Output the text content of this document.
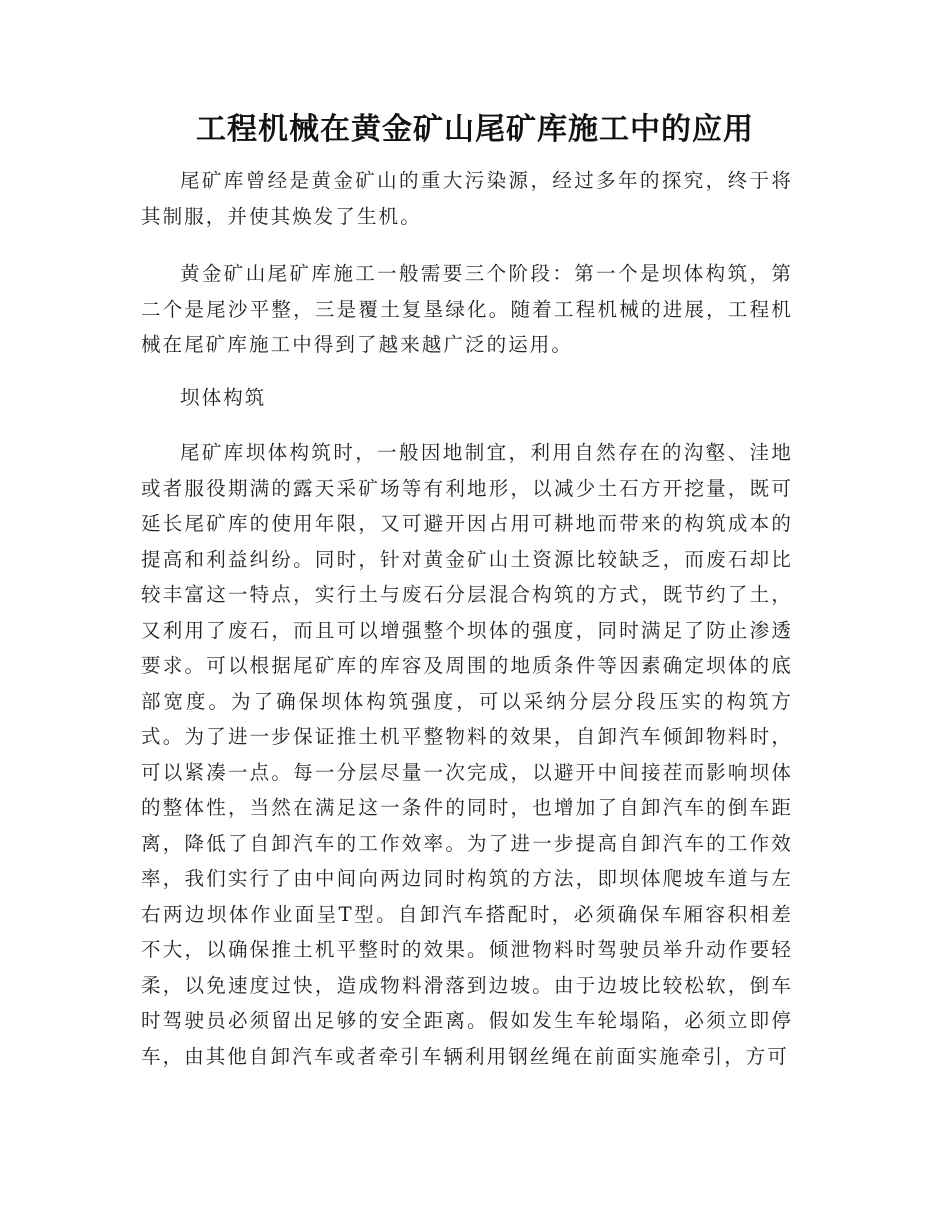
工程机械在黄金矿山尾矿库施工中的应用

尾矿库曾经是黄金矿山的重大污染源，经过多年的探究，终于将其制服，并使其焕发了生机。

黄金矿山尾矿库施工一般需要三个阶段：第一个是坝体构筑，第二个是尾沙平整，三是覆土复垦绿化。随着工程机械的进展，工程机械在尾矿库施工中得到了越来越广泛的运用。

坝体构筑

尾矿库坝体构筑时，一般因地制宜，利用自然存在的沟壑、洼地或者服役期满的露天采矿场等有利地形，以减少土石方开挖量，既可延长尾矿库的使用年限，又可避开因占用可耕地而带来的构筑成本的提高和利益纠纷。同时，针对黄金矿山土资源比较缺乏，而废石却比较丰富这一特点，实行土与废石分层混合构筑的方式，既节约了土，又利用了废石，而且可以增强整个坝体的强度，同时满足了防止渗透要求。可以根据尾矿库的库容及周围的地质条件等因素确定坝体的底部宽度。为了确保坝体构筑强度，可以采纳分层分段压实的构筑方式。为了进一步保证推土机平整物料的效果，自卸汽车倾卸物料时，可以紧凑一点。每一分层尽量一次完成，以避开中间接茬而影响坝体的整体性，当然在满足这一条件的同时，也增加了自卸汽车的倒车距离，降低了自卸汽车的工作效率。为了进一步提高自卸汽车的工作效率，我们实行了由中间向两边同时构筑的方法，即坝体爬坡车道与左右两边坝体作业面呈T型。自卸汽车搭配时，必须确保车厢容积相差不大，以确保推土机平整时的效果。倾泄物料时驾驶员举升动作要轻柔，以免速度过快，造成物料滑落到边坡。由于边坡比较松软，倒车时驾驶员必须留出足够的安全距离。假如发生车轮塌陷，必须立即停车，由其他自卸汽车或者牵引车辆利用钢丝绳在前面实施牵引，方可
